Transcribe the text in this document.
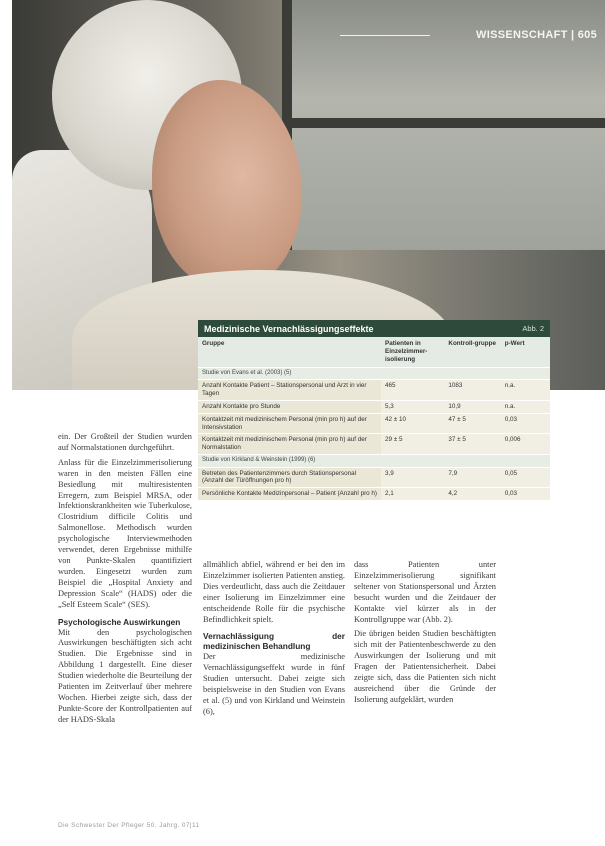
WISSENSCHAFT | 605
Medizinische Vernachlässigungseffekte	Abb. 2
Gruppe	Patienten in Einzelzimmer-isolierung	Kontroll-gruppe	p-Wert
Studie von Evans et al. (2003) (5)			
Anzahl Kontakte Patient – Stationspersonal und Arzt in vier Tagen	465	1083	n.a.
Anzahl Kontakte pro Stunde	5,3	10,9	n.a.
Kontaktzeit mit medizinischem Personal (min pro h) auf der Intensivstation	42 ± 10	47 ± 5	0,03
Kontaktzeit mit medizinischem Personal (min pro h) auf der Normalstation	29 ± 5	37 ± 5	0,006
Studie von Kirkland & Weinstein (1999) (6)			
Betreten des Patientenzimmers durch Stationspersonal (Anzahl der Türöffnungen pro h)	3,9	7,9	0,05
Persönliche Kontakte Medizinpersonal – Patient (Anzahl pro h)	2,1	4,2	0,03

ein. Der Großteil der Studien wurden auf Normalstationen durchgeführt.

Anlass für die Einzelzimmerisolierung waren in den meisten Fällen eine Besiedlung mit multiresistenten Erregern, zum Beispiel MRSA, oder Infektionskrankheiten wie Tuberkulose, Clostridium difficile Colitis und Salmonellose. Methodisch wurden psychologische Interviewmethoden verwendet, deren Ergebnisse mithilfe von Punkte-Skalen quantifiziert wurden. Eingesetzt wurden zum Beispiel die „Hospital Anxiety and Depression Scale“ (HADS) oder die „Self Esteem Scale“ (SES).

Psychologische Auswirkungen

Mit den psychologischen Auswirkungen beschäftigten sich acht Studien. Die Ergebnisse sind in Abbildung 1 dargestellt. Eine dieser Studien wiederholte die Beurteilung der Patienten im Zeitverlauf über mehrere Wochen. Hierbei zeigte sich, dass der Punkte-Score der Kontrollpatienten auf der HADS-Skala

allmählich abfiel, während er bei den im Einzelzimmer isolierten Patienten anstieg. Dies verdeutlicht, dass auch die Zeitdauer einer Isolierung im Einzelzimmer eine entscheidende Rolle für die psychische Befindlichkeit spielt.

Vernachlässigung der medizinischen Behandlung

Der medizinische Vernachlässigungseffekt wurde in fünf Studien untersucht. Dabei zeigte sich beispielsweise in den Studien von Evans et al. (5) und von Kirkland und Weinstein (6),

dass Patienten unter Einzelzimmerisolierung signifikant seltener von Stationspersonal und Ärzten besucht wurden und die Zeitdauer der Kontakte viel kürzer als in der Kontrollgruppe war (Abb. 2).

Die übrigen beiden Studien beschäftigten sich mit der Patientenbeschwerde zu den Auswirkungen der Isolierung und mit Fragen der Patientensicherheit. Dabei zeigte sich, dass die Patienten sich nicht ausreichend über die Gründe der Isolierung aufgeklärt, wurden

Die Schwester Der Pfleger 50. Jahrg. 07|11
